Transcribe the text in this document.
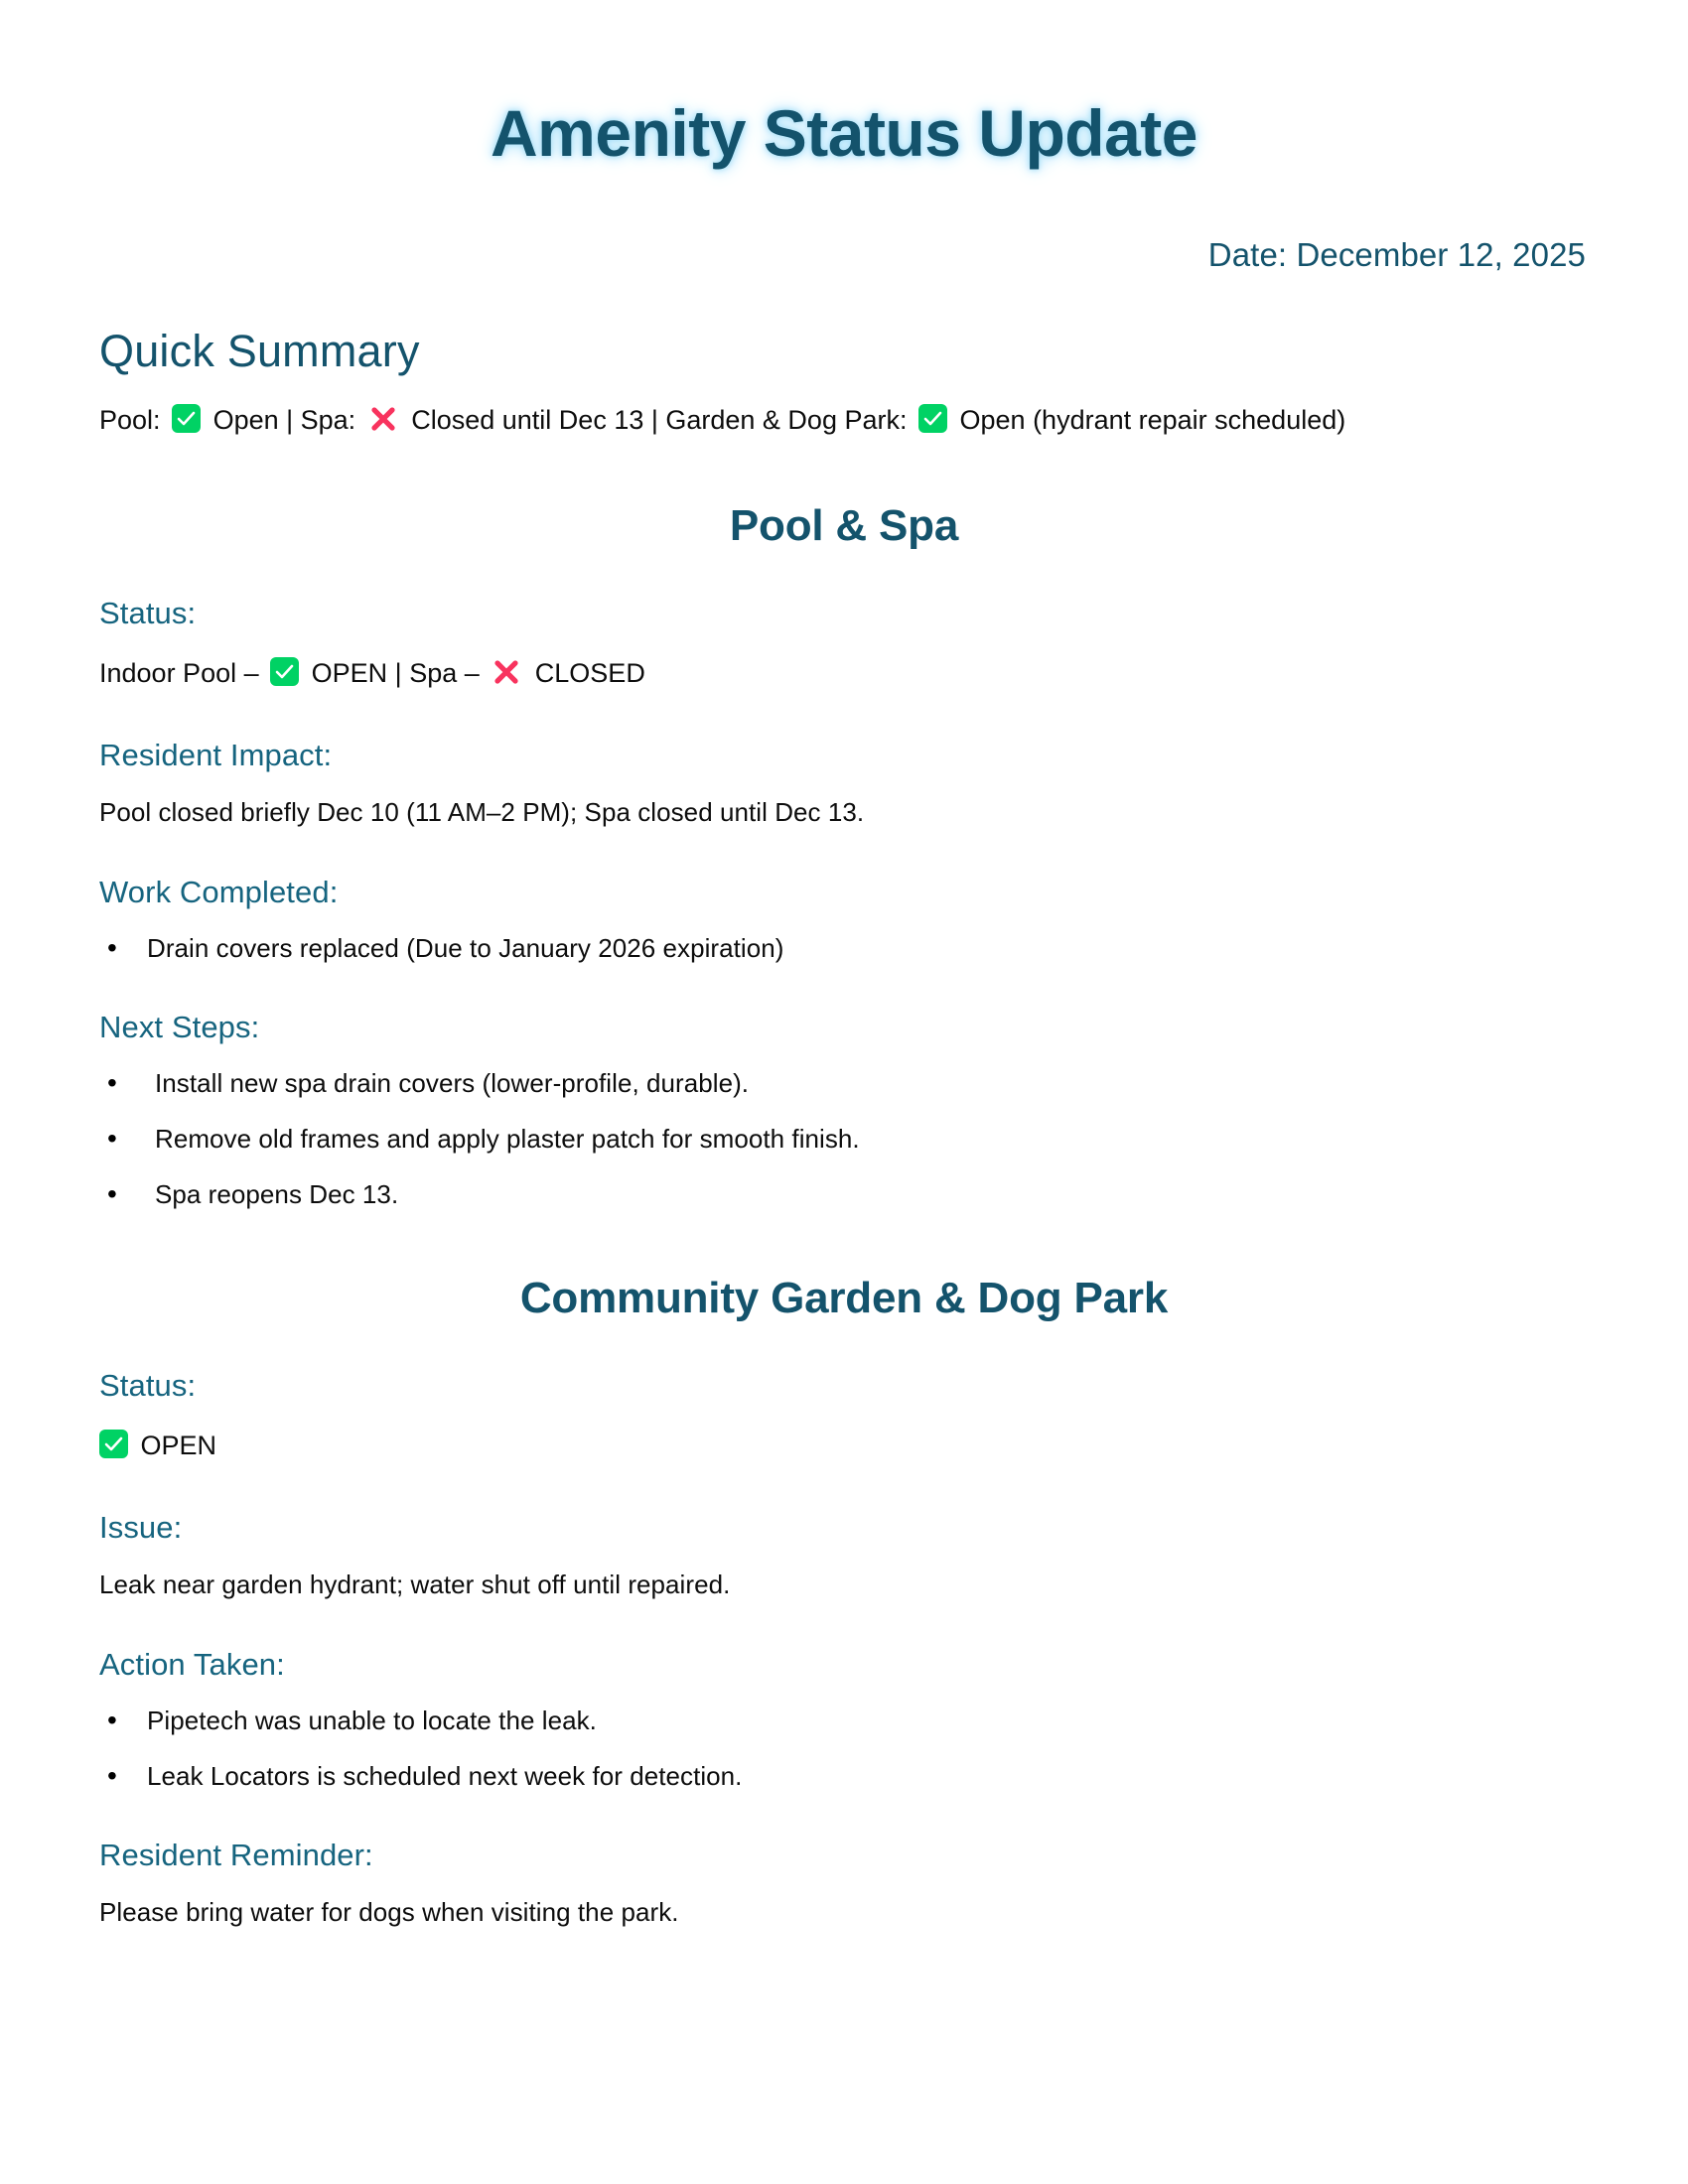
Amenity Status Update
Date: December 12, 2025
Quick Summary
Pool: Open | Spa: Closed until Dec 13 | Garden & Dog Park: Open (hydrant repair scheduled)
Pool & Spa
Status:
Indoor Pool – OPEN | Spa – CLOSED
Resident Impact:

Pool closed briefly Dec 10 (11 AM–2 PM); Spa closed until Dec 13.

Work Completed:
• Drain covers replaced (Due to January 2026 expiration)
Next Steps:
• Install new spa drain covers (lower-profile, durable).
• Remove old frames and apply plaster patch for smooth finish.
• Spa reopens Dec 13.
Community Garden & Dog Park
Status:
OPEN
Issue:

Leak near garden hydrant; water shut off until repaired.

Action Taken:
• Pipetech was unable to locate the leak.
• Leak Locators is scheduled next week for detection.
Resident Reminder:

Please bring water for dogs when visiting the park.
